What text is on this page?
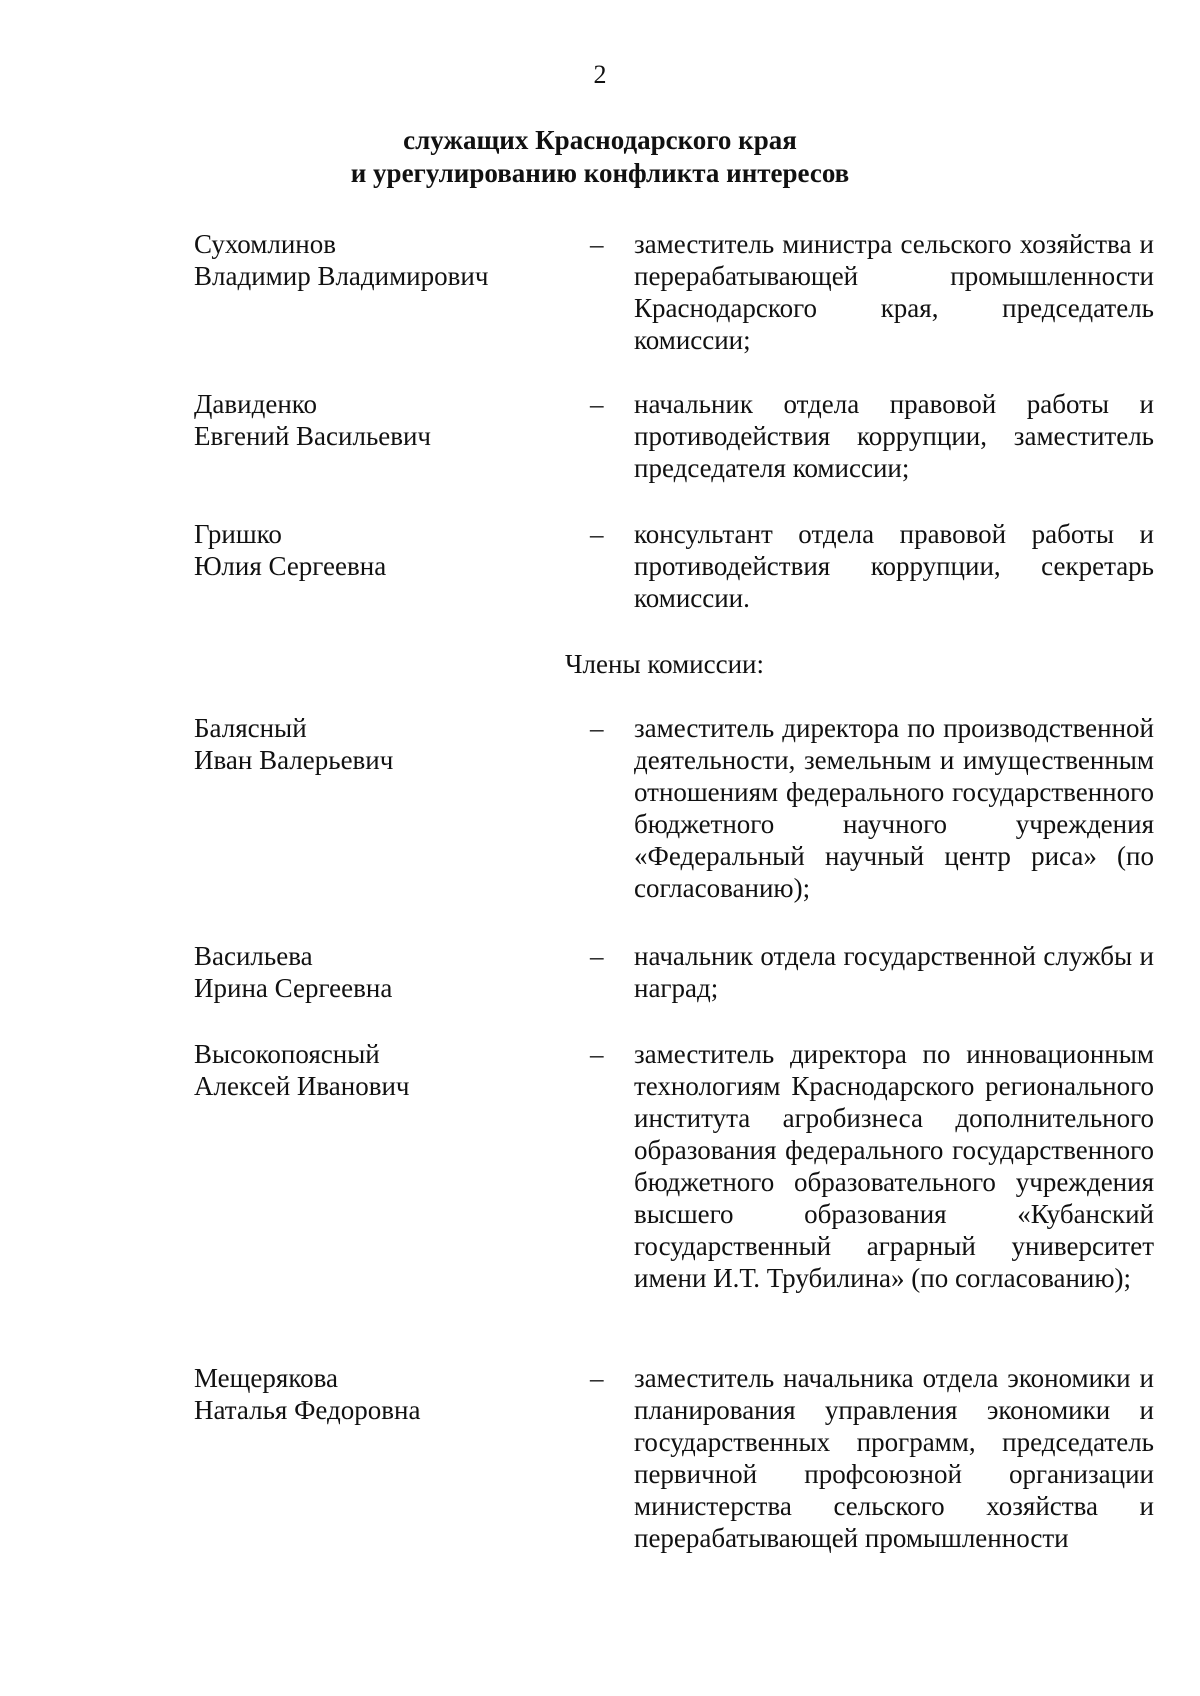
2
служащих Краснодарского края
и урегулированию конфликта интересов
Сухомлинов
Владимир Владимирович
– заместитель министра сельского хозяйства и перерабатывающей промышленности Краснодарского края, председатель комиссии;
Давиденко
Евгений Васильевич
– начальник отдела правовой работы и противодействия коррупции, заместитель председателя комиссии;
Гришко
Юлия Сергеевна
– консультант отдела правовой работы и противодействия коррупции, секретарь комиссии.
Члены комиссии:
Балясный
Иван Валерьевич
– заместитель директора по производственной деятельности, земельным и имущественным отношениям федерального государственного бюджетного научного учреждения «Федеральный научный центр риса» (по согласованию);
Васильева
Ирина Сергеевна
– начальник отдела государственной службы и наград;
Высокопоясный
Алексей Иванович
– заместитель директора по инновационным технологиям Краснодарского регионального института агробизнеса дополнительного образования федерального государственного бюджетного образовательного учреждения высшего образования «Кубанский государственный аграрный университет имени И.Т. Трубилина» (по согласованию);
Мещерякова
Наталья Федоровна
– заместитель начальника отдела экономики и планирования управления экономики и государственных программ, председатель первичной профсоюзной организации министерства сельского хозяйства и перерабатывающей промышленности
